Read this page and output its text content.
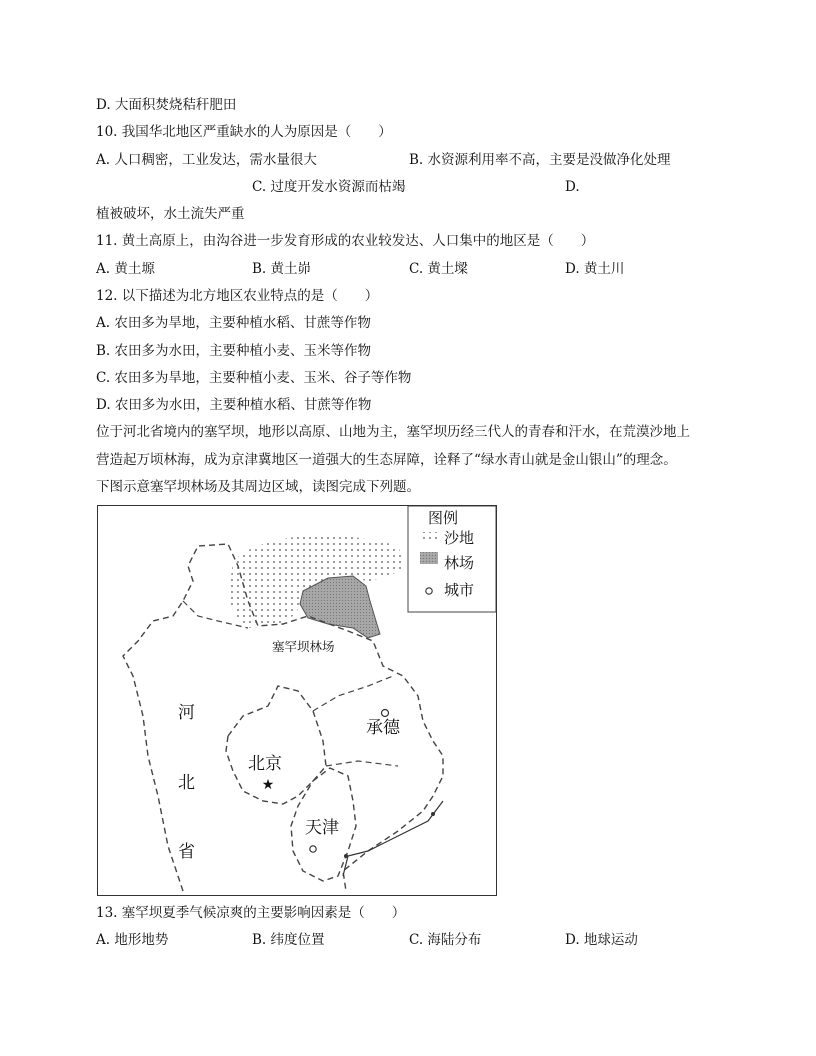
D. 大面积焚烧秸秆肥田
10. 我国华北地区严重缺水的人为原因是（　　）
A. 人口稠密，工业发达，需水量很大	B. 水资源利用率不高，主要是没做净化处理
C. 过度开发水资源而枯竭	D.
植被破坏，水土流失严重
11. 黄土高原上，由沟谷进一步发育形成的农业较发达、人口集中的地区是（　　）
A. 黄土塬	B. 黄土峁	C. 黄土墚	D. 黄土川
12. 以下描述为北方地区农业特点的是（　　）
A. 农田多为旱地，主要种植水稻、甘蔗等作物
B. 农田多为水田，主要种植小麦、玉米等作物
C. 农田多为旱地，主要种植小麦、玉米、谷子等作物
D. 农田多为水田，主要种植水稻、甘蔗等作物
位于河北省境内的塞罕坝，地形以高原、山地为主，塞罕坝历经三代人的青春和汗水，在荒漠沙地上
营造起万顷林海，成为京津冀地区一道强大的生态屏障，诠释了“绿水青山就是金山银山”的理念。
下图示意塞罕坝林场及其周边区域，读图完成下列题。
★
图例
沙地
林场
城市
塞罕坝林场
河
北
省
北京
承德
天津
13. 塞罕坝夏季气候凉爽的主要影响因素是（　　）
A. 地形地势	B. 纬度位置	C. 海陆分布	D. 地球运动
